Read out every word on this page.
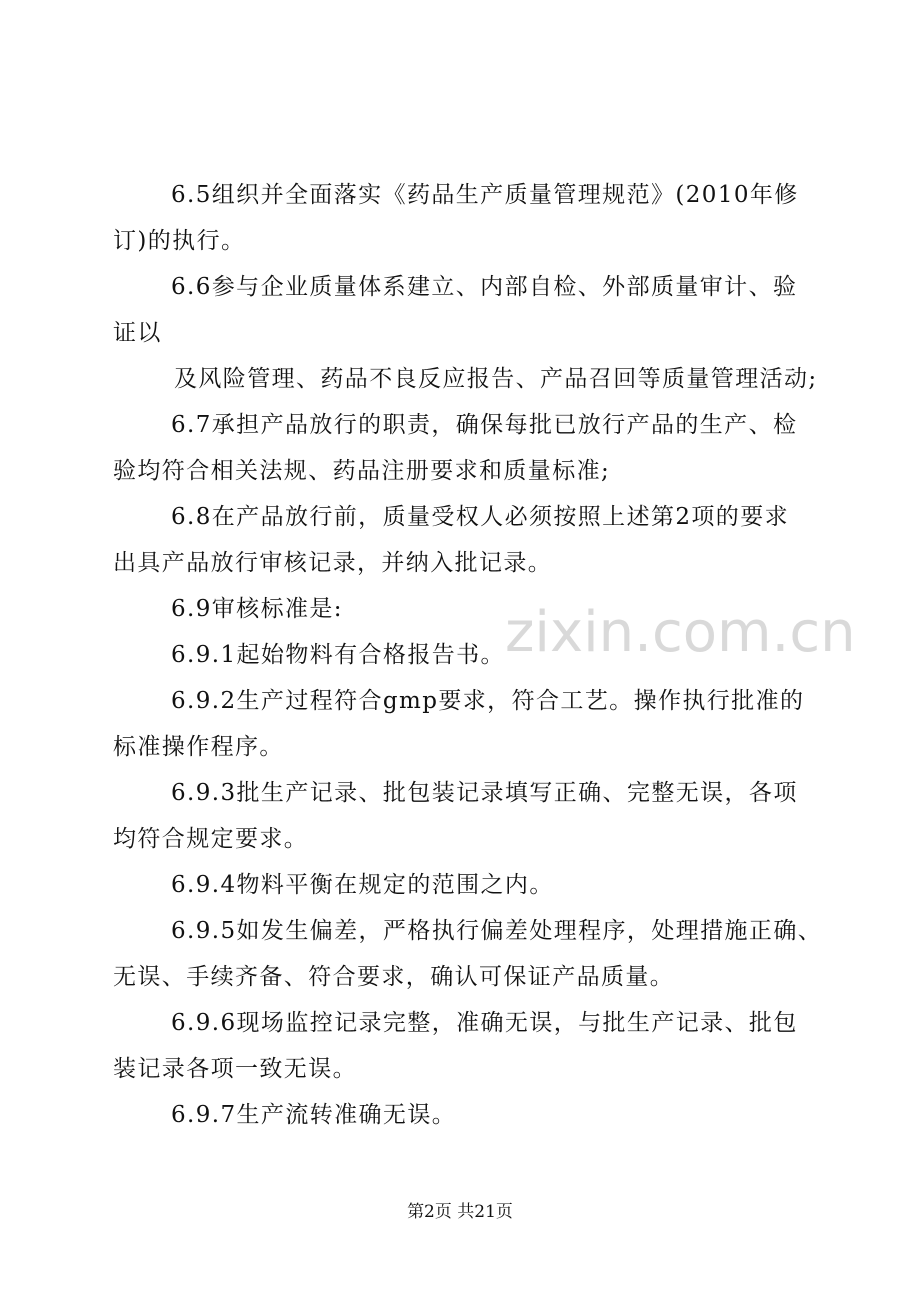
6.5组织并全面落实《药品生产质量管理规范》(2010年修
订)的执行。
6.6参与企业质量体系建立、内部自检、外部质量审计、验
证以
及风险管理、药品不良反应报告、产品召回等质量管理活动;
6.7承担产品放行的职责，确保每批已放行产品的生产、检
验均符合相关法规、药品注册要求和质量标准;
6.8在产品放行前，质量受权人必须按照上述第2项的要求
出具产品放行审核记录，并纳入批记录。
6.9审核标准是:
6.9.1起始物料有合格报告书。
6.9.2生产过程符合gmp要求，符合工艺。操作执行批准的
标准操作程序。
6.9.3批生产记录、批包装记录填写正确、完整无误，各项
均符合规定要求。
6.9.4物料平衡在规定的范围之内。
6.9.5如发生偏差，严格执行偏差处理程序，处理措施正确、
无误、手续齐备、符合要求，确认可保证产品质量。
6.9.6现场监控记录完整，准确无误，与批生产记录、批包
装记录各项一致无误。
6.9.7生产流转准确无误。
zixin.com.cn
第2页 共21页
